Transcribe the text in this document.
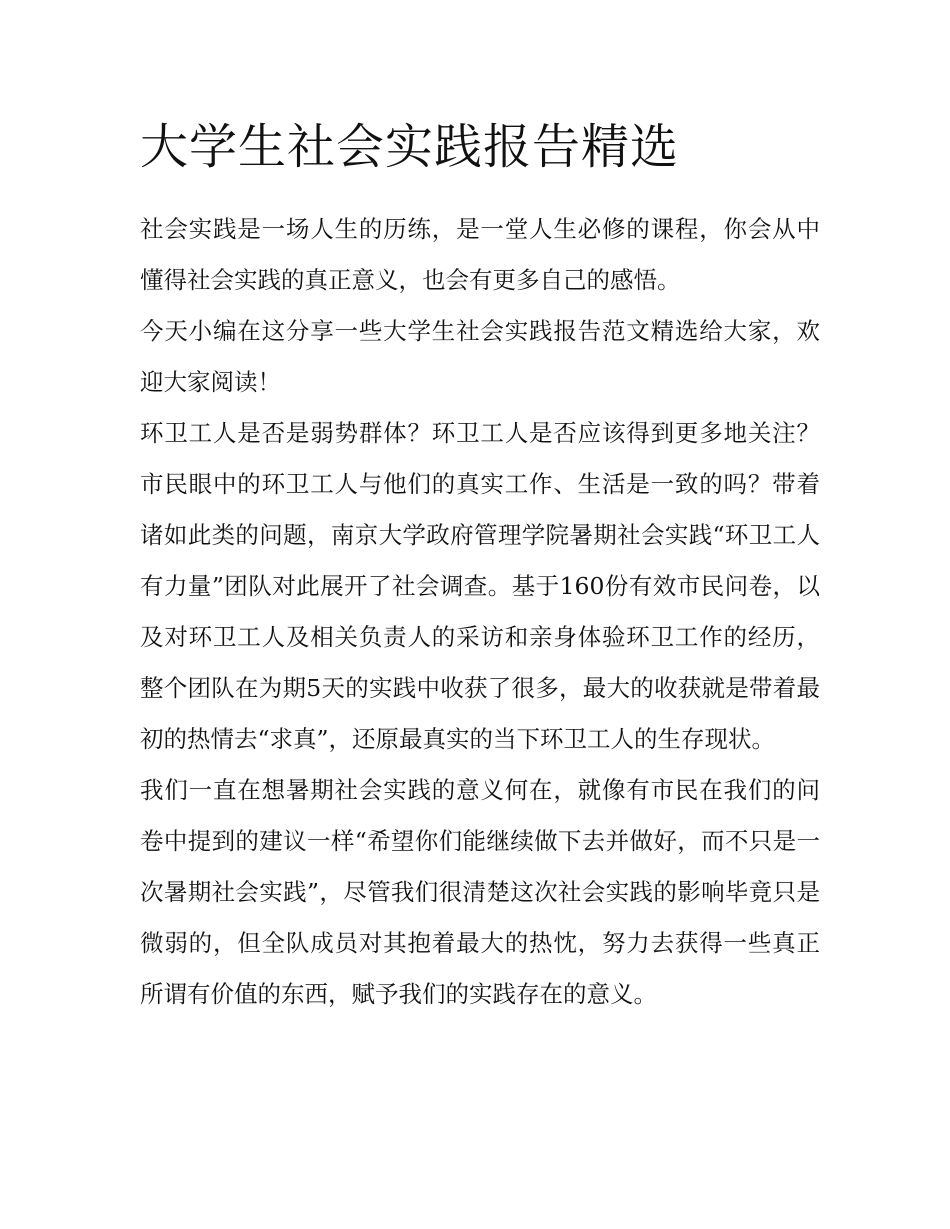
大学生社会实践报告精选

社会实践是一场人生的历练，是一堂人生必修的课程，你会从中懂得社会实践的真正意义，也会有更多自己的感悟。

今天小编在这分享一些大学生社会实践报告范文精选给大家，欢迎大家阅读！

环卫工人是否是弱势群体？环卫工人是否应该得到更多地关注？市民眼中的环卫工人与他们的真实工作、生活是一致的吗？带着诸如此类的问题，南京大学政府管理学院暑期社会实践“环卫工人有力量”团队对此展开了社会调查。基于160份有效市民问卷，以及对环卫工人及相关负责人的采访和亲身体验环卫工作的经历，整个团队在为期5天的实践中收获了很多，最大的收获就是带着最初的热情去“求真”，还原最真实的当下环卫工人的生存现状。

我们一直在想暑期社会实践的意义何在，就像有市民在我们的问卷中提到的建议一样“希望你们能继续做下去并做好，而不只是一次暑期社会实践”，尽管我们很清楚这次社会实践的影响毕竟只是微弱的，但全队成员对其抱着最大的热忱，努力去获得一些真正所谓有价值的东西，赋予我们的实践存在的意义。
